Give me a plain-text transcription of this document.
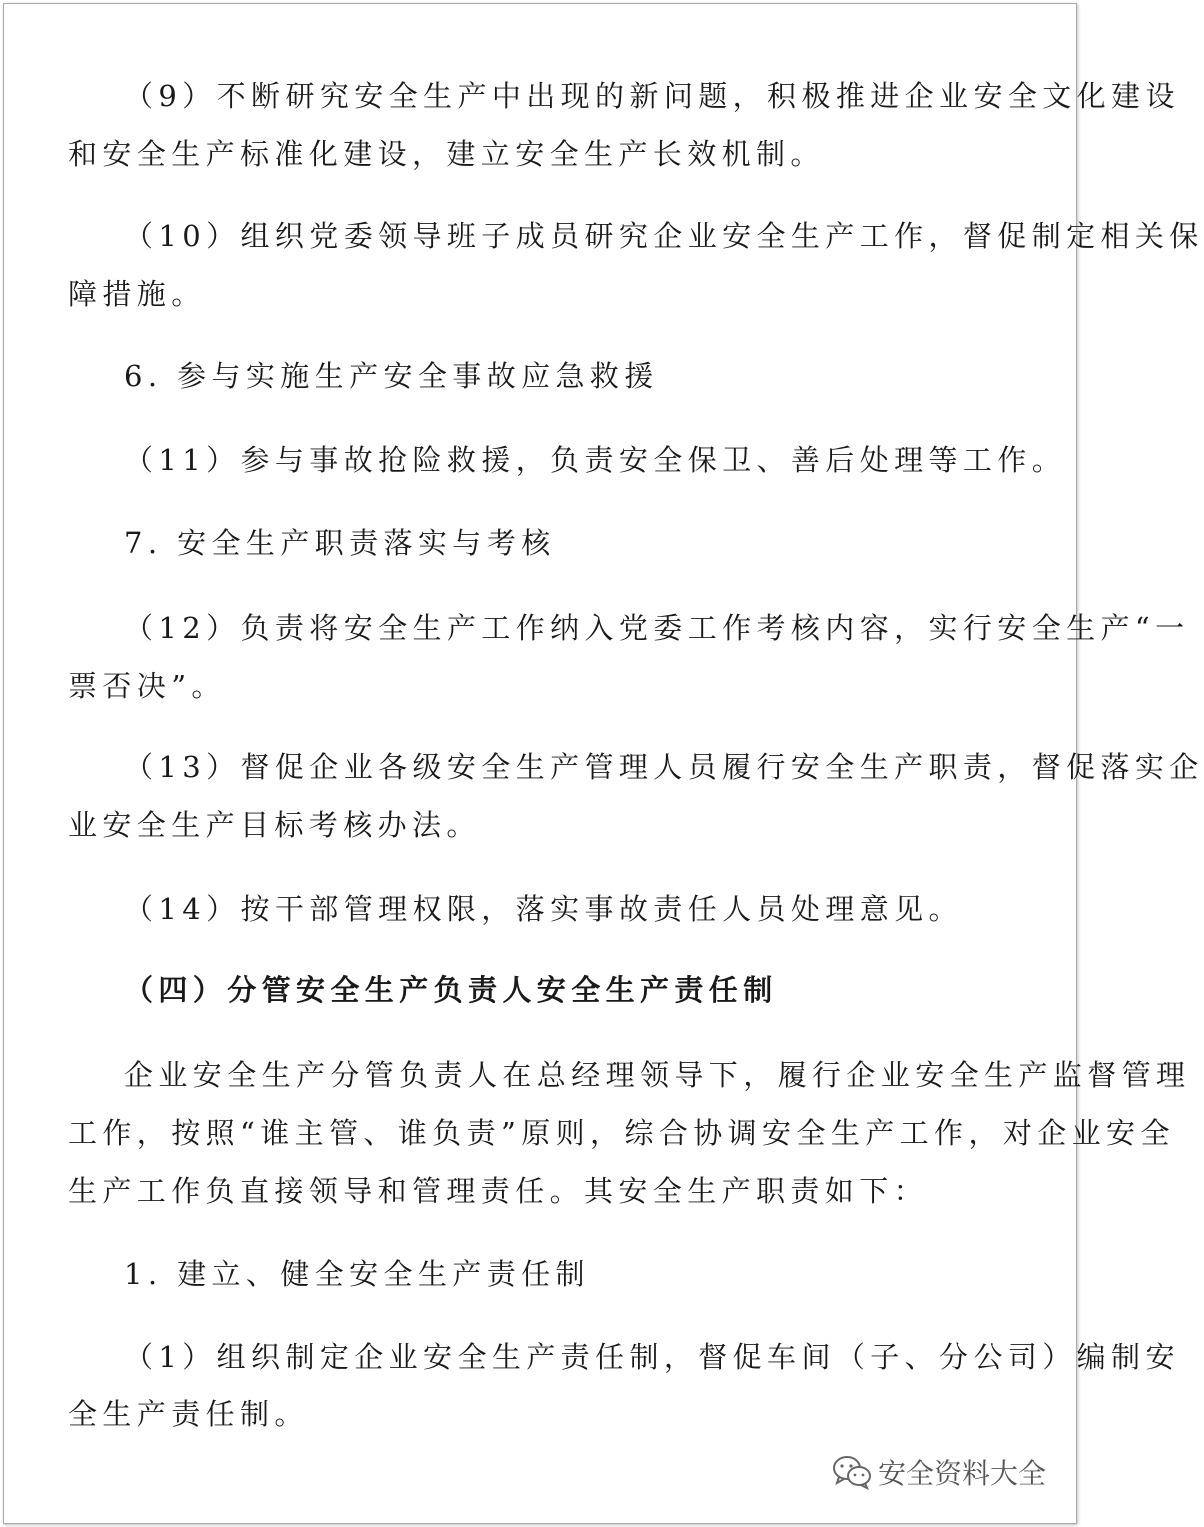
（9）不断研究安全生产中出现的新问题，积极推进企业安全文化建设
和安全生产标准化建设，建立安全生产长效机制。
（10）组织党委领导班子成员研究企业安全生产工作，督促制定相关保
障措施。
6. 参与实施生产安全事故应急救援
（11）参与事故抢险救援，负责安全保卫、善后处理等工作。
7. 安全生产职责落实与考核
（12）负责将安全生产工作纳入党委工作考核内容，实行安全生产“一
票否决”。
（13）督促企业各级安全生产管理人员履行安全生产职责，督促落实企
业安全生产目标考核办法。
（14）按干部管理权限，落实事故责任人员处理意见。
（四）分管安全生产负责人安全生产责任制
企业安全生产分管负责人在总经理领导下，履行企业安全生产监督管理
工作，按照“谁主管、谁负责”原则，综合协调安全生产工作，对企业安全
生产工作负直接领导和管理责任。其安全生产职责如下：
1. 建立、健全安全生产责任制
（1）组织制定企业安全生产责任制，督促车间（子、分公司）编制安
全生产责任制。
安全资料大全
